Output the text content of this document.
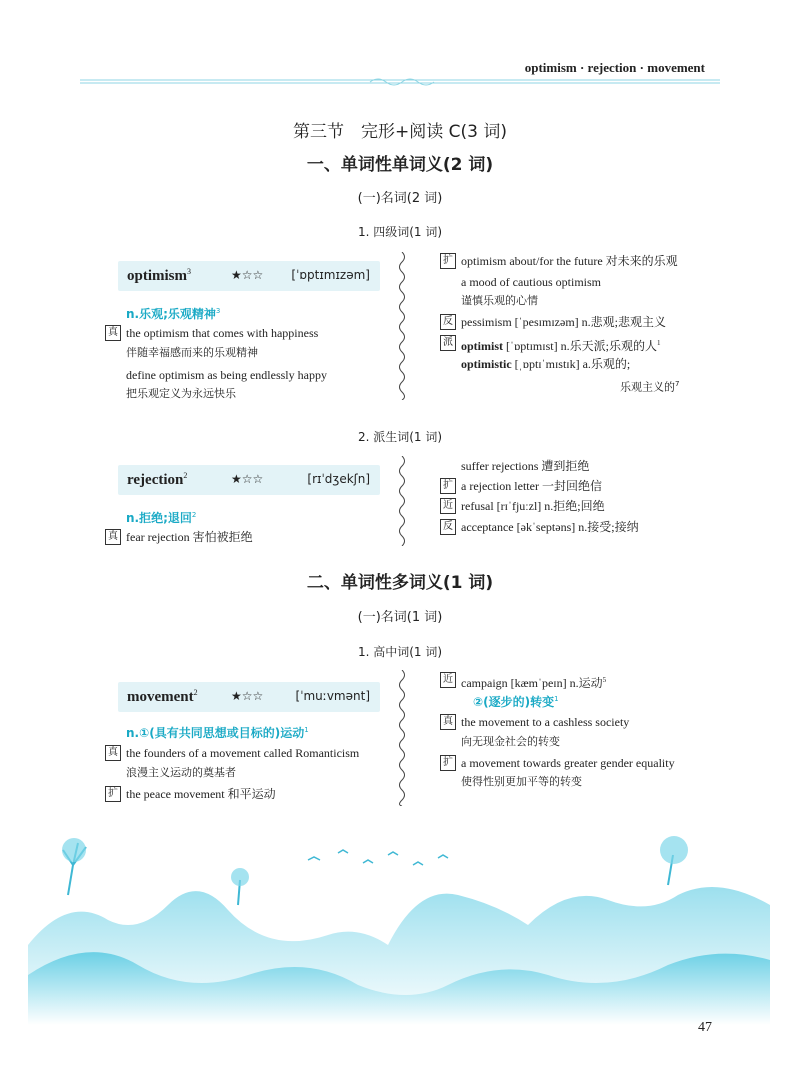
optimism · rejection · movement
第三节　完形+阅读 C(3 词)
一、单词性单词义(2 词)
(一)名词(2 词)
1. 四级词(1 词)
optimism$^3$	★☆☆ [ˈɒptɪmɪzəm]
n.乐观;乐观精神$^3$
真 the optimism that comes with happiness
伴随幸福感而来的乐观精神
define optimism as being endlessly happy
把乐观定义为永远快乐
扩 optimism about/for the future 对未来的乐观
a mood of cautious optimism
谨慎乐观的心情
反 pessimism [ˈpesɪmɪzəm] n.悲观;悲观主义
派 optimist [ˈɒptɪmɪst] n.乐天派;乐观的人$^1$
optimistic [ˌɒptɪˈmɪstɪk] a.乐观的;
乐观主义的$^7$
2. 派生词(1 词)
rejection$^2$	★☆☆	[rɪˈdʒekʃn]
n.拒绝;退回$^2$
真 fear rejection 害怕被拒绝
suffer rejections 遭到拒绝
扩 a rejection letter 一封回绝信
近 refusal [rɪˈfjuːzl] n.拒绝;回绝
反 acceptance [əkˈseptəns] n.接受;接纳
二、单词性多词义(1 词)
(一)名词(1 词)
1. 高中词(1 词)
movement$^2$	★☆☆	[ˈmuːvmənt]
n.①(具有共同思想或目标的)运动$^1$
真 the founders of a movement called Romanticism
浪漫主义运动的奠基者
扩 the peace movement 和平运动
近 campaign [kæmˈpeɪn] n.运动$^5$
②(逐步的)转变$^1$
真 the movement to a cashless society
向无现金社会的转变
扩 a movement towards greater gender equality
使得性别更加平等的转变
47
